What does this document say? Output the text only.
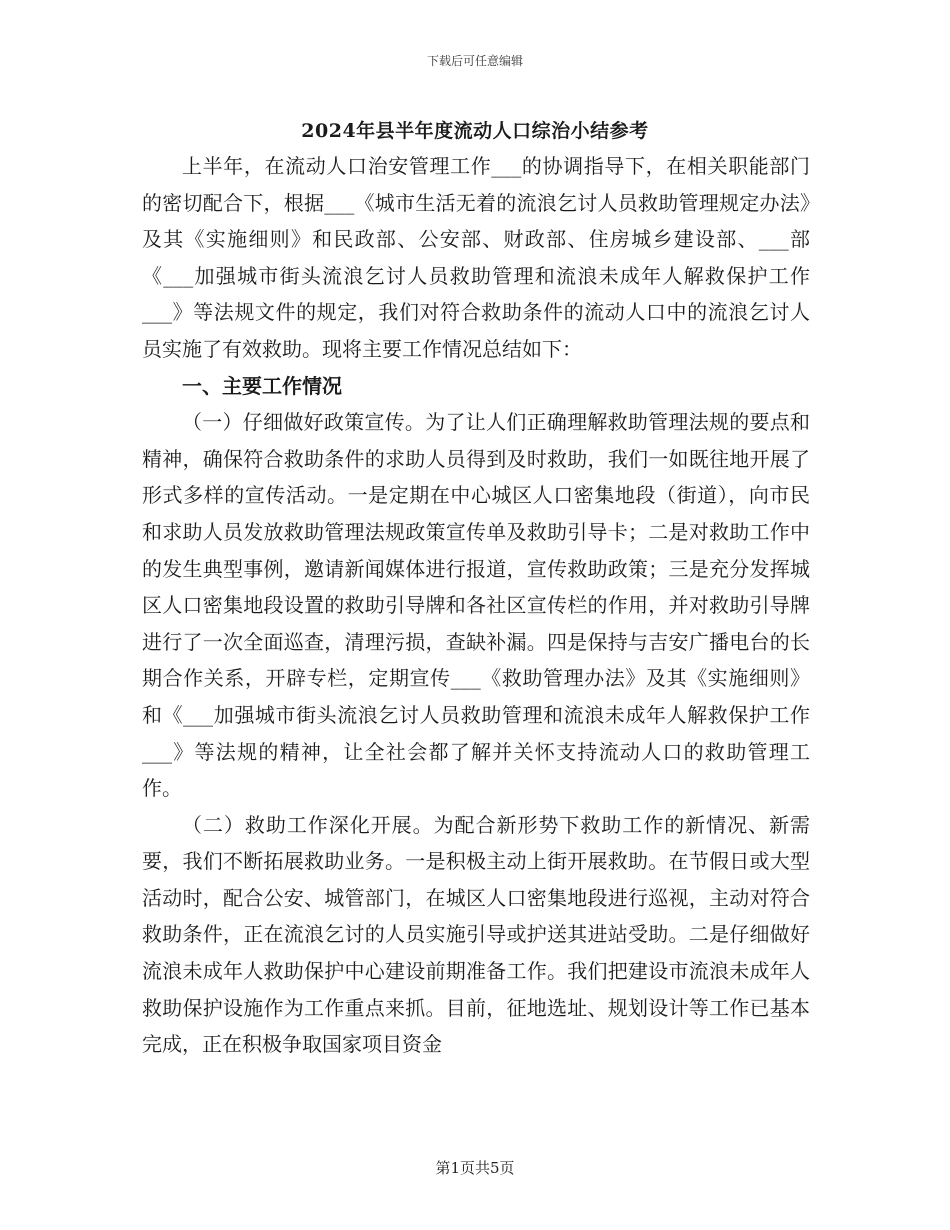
下载后可任意编辑
2024年县半年度流动人口综治小结参考

上半年，在流动人口治安管理工作___的协调指导下，在相关职能部门的密切配合下，根据___《城市生活无着的流浪乞讨人员救助管理规定办法》及其《实施细则》和民政部、公安部、财政部、住房城乡建设部、___部《___加强城市街头流浪乞讨人员救助管理和流浪未成年人解救保护工作___》等法规文件的规定，我们对符合救助条件的流动人口中的流浪乞讨人员实施了有效救助。现将主要工作情况总结如下：

一、主要工作情况

（一）仔细做好政策宣传。为了让人们正确理解救助管理法规的要点和精神，确保符合救助条件的求助人员得到及时救助，我们一如既往地开展了形式多样的宣传活动。一是定期在中心城区人口密集地段（街道），向市民和求助人员发放救助管理法规政策宣传单及救助引导卡；二是对救助工作中的发生典型事例，邀请新闻媒体进行报道，宣传救助政策；三是充分发挥城区人口密集地段设置的救助引导牌和各社区宣传栏的作用，并对救助引导牌进行了一次全面巡查，清理污损，查缺补漏。四是保持与吉安广播电台的长期合作关系，开辟专栏，定期宣传___《救助管理办法》及其《实施细则》和《___加强城市街头流浪乞讨人员救助管理和流浪未成年人解救保护工作___》等法规的精神，让全社会都了解并关怀支持流动人口的救助管理工作。

（二）救助工作深化开展。为配合新形势下救助工作的新情况、新需要，我们不断拓展救助业务。一是积极主动上街开展救助。在节假日或大型活动时，配合公安、城管部门，在城区人口密集地段进行巡视，主动对符合救助条件，正在流浪乞讨的人员实施引导或护送其进站受助。二是仔细做好流浪未成年人救助保护中心建设前期准备工作。我们把建设市流浪未成年人救助保护设施作为工作重点来抓。目前，征地选址、规划设计等工作已基本完成，正在积极争取国家项目资金

第1页共5页
